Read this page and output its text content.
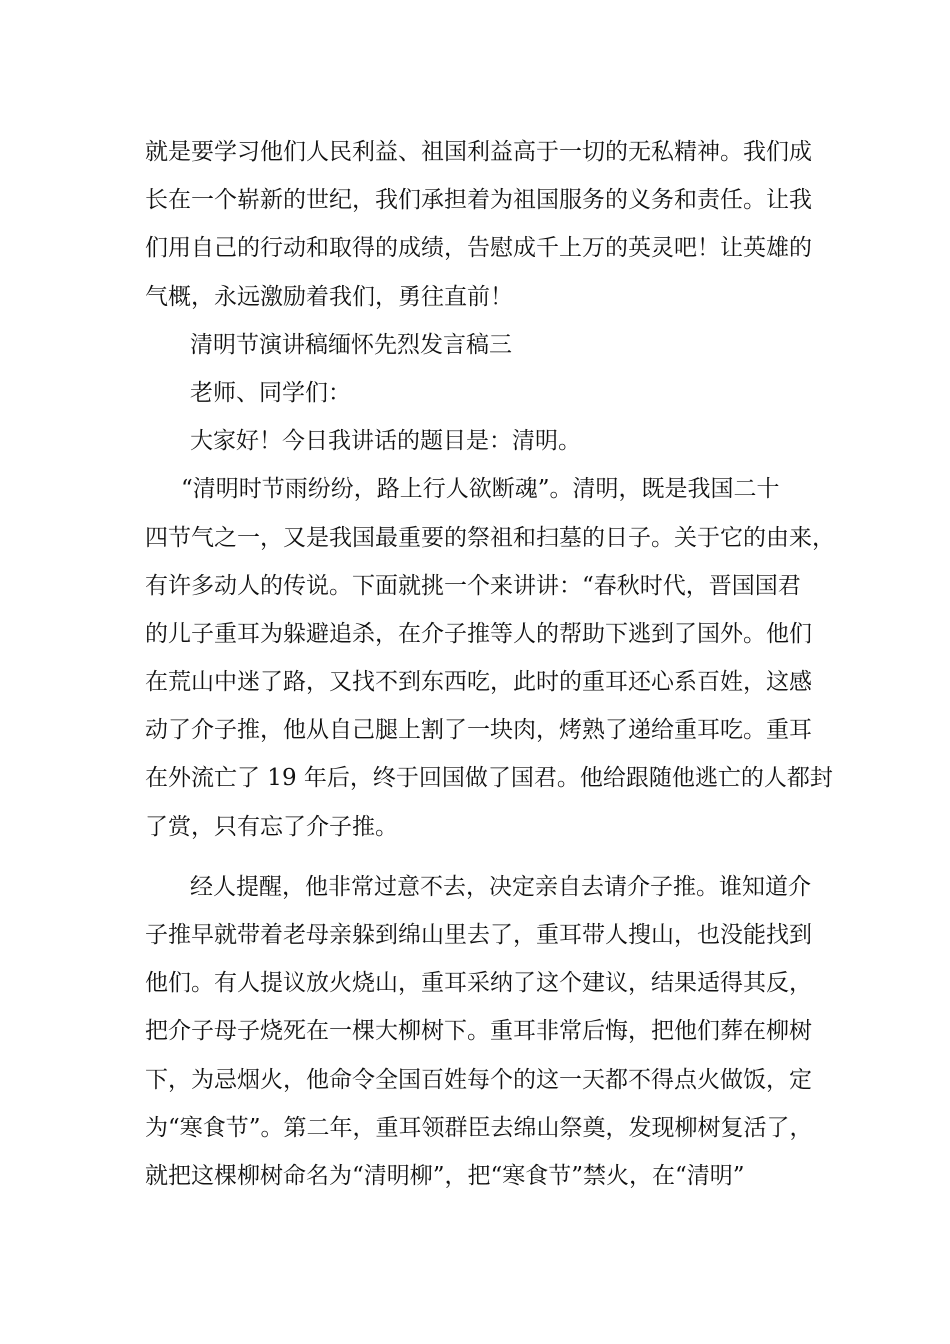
就是要学习他们人民利益、祖国利益高于一切的无私精神。我们成
长在一个崭新的世纪，我们承担着为祖国服务的义务和责任。让我
们用自己的行动和取得的成绩，告慰成千上万的英灵吧！让英雄的
气概，永远激励着我们，勇往直前！
清明节演讲稿缅怀先烈发言稿三
老师、同学们：
大家好！今日我讲话的题目是：清明。
“清明时节雨纷纷，路上行人欲断魂”。清明，既是我国二十
四节气之一，又是我国最重要的祭祖和扫墓的日子。关于它的由来，
有许多动人的传说。下面就挑一个来讲讲：“春秋时代，晋国国君
的儿子重耳为躲避追杀，在介子推等人的帮助下逃到了国外。他们
在荒山中迷了路，又找不到东西吃，此时的重耳还心系百姓，这感
动了介子推，他从自己腿上割了一块肉，烤熟了递给重耳吃。重耳
在外流亡了 19 年后，终于回国做了国君。他给跟随他逃亡的人都封
了赏，只有忘了介子推。
经人提醒，他非常过意不去，决定亲自去请介子推。谁知道介
子推早就带着老母亲躲到绵山里去了，重耳带人搜山，也没能找到
他们。有人提议放火烧山，重耳采纳了这个建议，结果适得其反，
把介子母子烧死在一棵大柳树下。重耳非常后悔，把他们葬在柳树
下，为忌烟火，他命令全国百姓每个的这一天都不得点火做饭，定
为“寒食节”。第二年，重耳领群臣去绵山祭奠，发现柳树复活了，
就把这棵柳树命名为“清明柳”，把“寒食节”禁火，在“清明”
